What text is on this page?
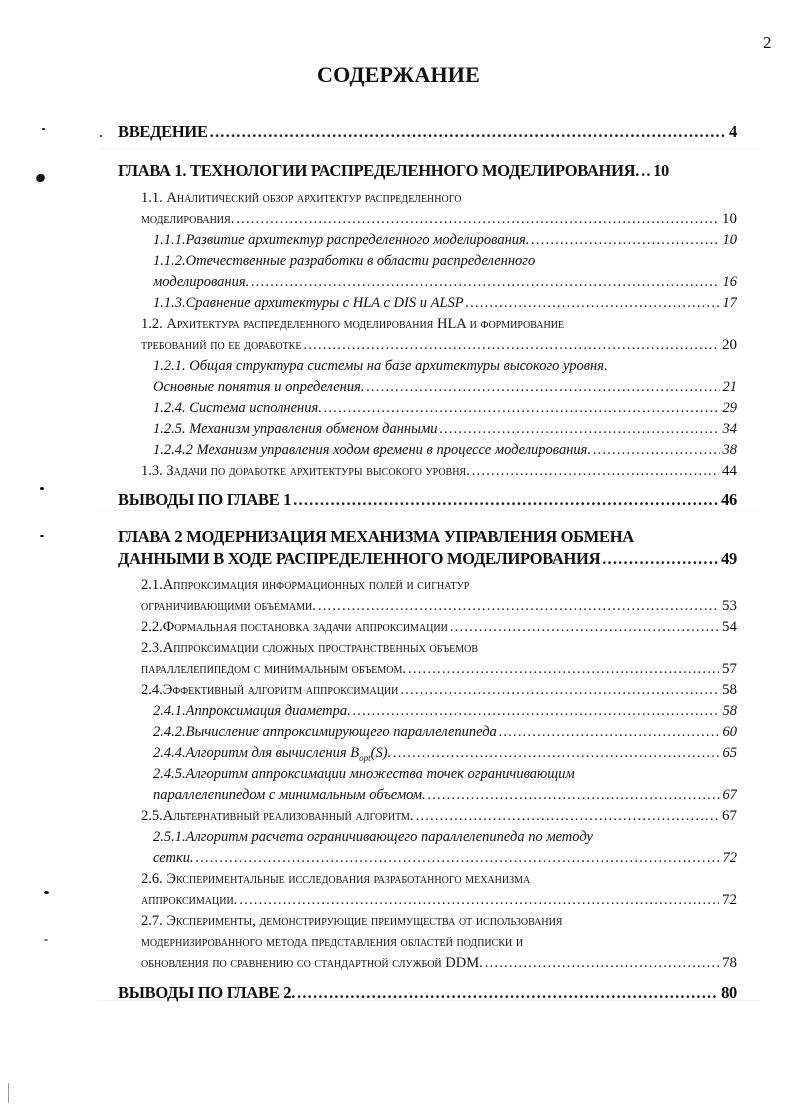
2
СОДЕРЖАНИЕ
ВВЕДЕНИЕ .....	4
ГЛАВА 1. ТЕХНОЛОГИИ РАСПРЕДЕЛЕННОГО МОДЕЛИРОВАНИЯ. ..... 10
1.1. Аналитический обзор архитектур распределенного
моделирования. .....	10
1.1.1.Развитие архитектур распределенного моделирования. .....	10
1.1.2.Отечественные разработки в области распределенного
моделирования. .....	16
1.1.3.Сравнение архитектуры с HLA с DIS и ALSP .....	17
1.2. Архитектура распределенного моделирования HLA и формирование
требований по ее доработке .....	20
1.2.1. Общая структура системы на базе архитектуры высокого уровня.
Основные понятия и определения. .....	21
1.2.4. Система исполнения. .....	29
1.2.5. Механизм управления обменом данными .....	34
1.2.4.2 Механизм управления ходом времени в процессе моделирования. .....	38
1.3. Задачи по доработке архитектуры высокого уровня. .....	44
ВЫВОДЫ ПО ГЛАВЕ 1 .....	46
ГЛАВА 2 МОДЕРНИЗАЦИЯ МЕХАНИЗМА УПРАВЛЕНИЯ ОБМЕНА
ДАННЫМИ В ХОДЕ РАСПРЕДЕЛЕННОГО МОДЕЛИРОВАНИЯ .....	49
2.1.Аппроксимация информационных полей и сигнатур
ограничивающими объемами. .....	53
2.2.Формальная постановка задачи аппроксимации .....	54
2.3.Аппроксимации сложных пространственных объемов
параллелепипедом с минимальным объемом. .....	57
2.4.Эффективный алгоритм аппроксимации .....	58
2.4.1.Аппроксимация диаметра. .....	58
2.4.2.Вычисление аппроксимирующего параллелепипеда .....	60
2.4.4.Алгоритм для вычисления $B_{opt}(S)$. .....	65
2.4.5.Алгоритм аппроксимации множества точек ограничивающим
параллелепипедом с минимальным объемом. .....	67
2.5.Альтернативный реализованный алгоритм. .....	67
2.5.1.Алгоритм расчета ограничивающего параллелепипеда по методу
сетки. .....	72
2.6. Экспериментальные исследования разработанного механизма
аппроксимации. .....	72
2.7. Эксперименты, демонстрирующие преимущества от использования
модернизированного метода представления областей подписки и
обновления по сравнению со стандартной службой DDM. .....	78
ВЫВОДЫ ПО ГЛАВЕ 2. .....	80
